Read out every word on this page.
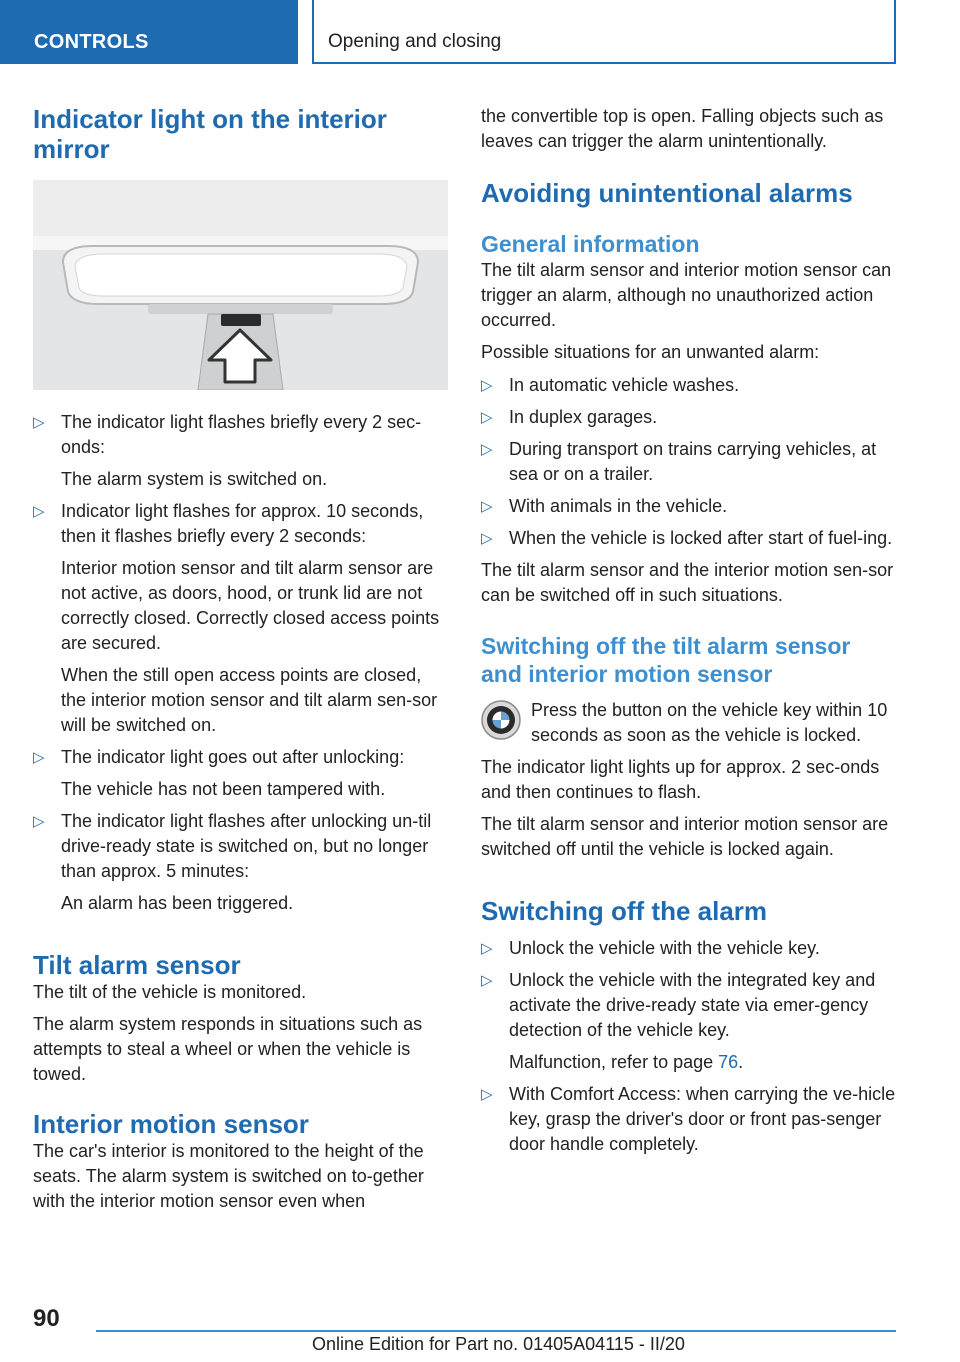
CONTROLS	Opening and closing
Indicator light on the interior mirror
▷ The indicator light flashes briefly every 2 sec‐onds:

The alarm system is switched on.

▷ Indicator light flashes for approx. 10 seconds, then it flashes briefly every 2 seconds:

Interior motion sensor and tilt alarm sensor are not active, as doors, hood, or trunk lid are not correctly closed. Correctly closed access points are secured.

When the still open access points are closed, the interior motion sensor and tilt alarm sen‐sor will be switched on.

▷ The indicator light goes out after unlocking:

The vehicle has not been tampered with.

▷ The indicator light flashes after unlocking un‐til drive-ready state is switched on, but no longer than approx. 5 minutes:

An alarm has been triggered.

Tilt alarm sensor

The tilt of the vehicle is monitored.

The alarm system responds in situations such as attempts to steal a wheel or when the vehicle is towed.

Interior motion sensor

The car's interior is monitored to the height of the seats. The alarm system is switched on to‐gether with the interior motion sensor even when

the convertible top is open. Falling objects such as leaves can trigger the alarm unintentionally.

Avoiding unintentional alarms
General information

The tilt alarm sensor and interior motion sensor can trigger an alarm, although no unauthorized action occurred.

Possible situations for an unwanted alarm:

▷ In automatic vehicle washes.
▷ In duplex garages.
▷ During transport on trains carrying vehicles, at sea or on a trailer.
▷ With animals in the vehicle.
▷ When the vehicle is locked after start of fuel‐ing.

The tilt alarm sensor and the interior motion sen‐sor can be switched off in such situations.

Switching off the tilt alarm sensor and interior motion sensor

Press the button on the vehicle key within 10 seconds as soon as the vehicle is locked.

The indicator light lights up for approx. 2 sec‐onds and then continues to flash.

The tilt alarm sensor and interior motion sensor are switched off until the vehicle is locked again.

Switching off the alarm
▷ Unlock the vehicle with the vehicle key.
▷ Unlock the vehicle with the integrated key and activate the drive-ready state via emer‐gency detection of the vehicle key.

Malfunction, refer to page 76.

▷ With Comfort Access: when carrying the ve‐hicle key, grasp the driver's door or front pas‐senger door handle completely.
90
Online Edition for Part no. 01405A04115 - II/20
